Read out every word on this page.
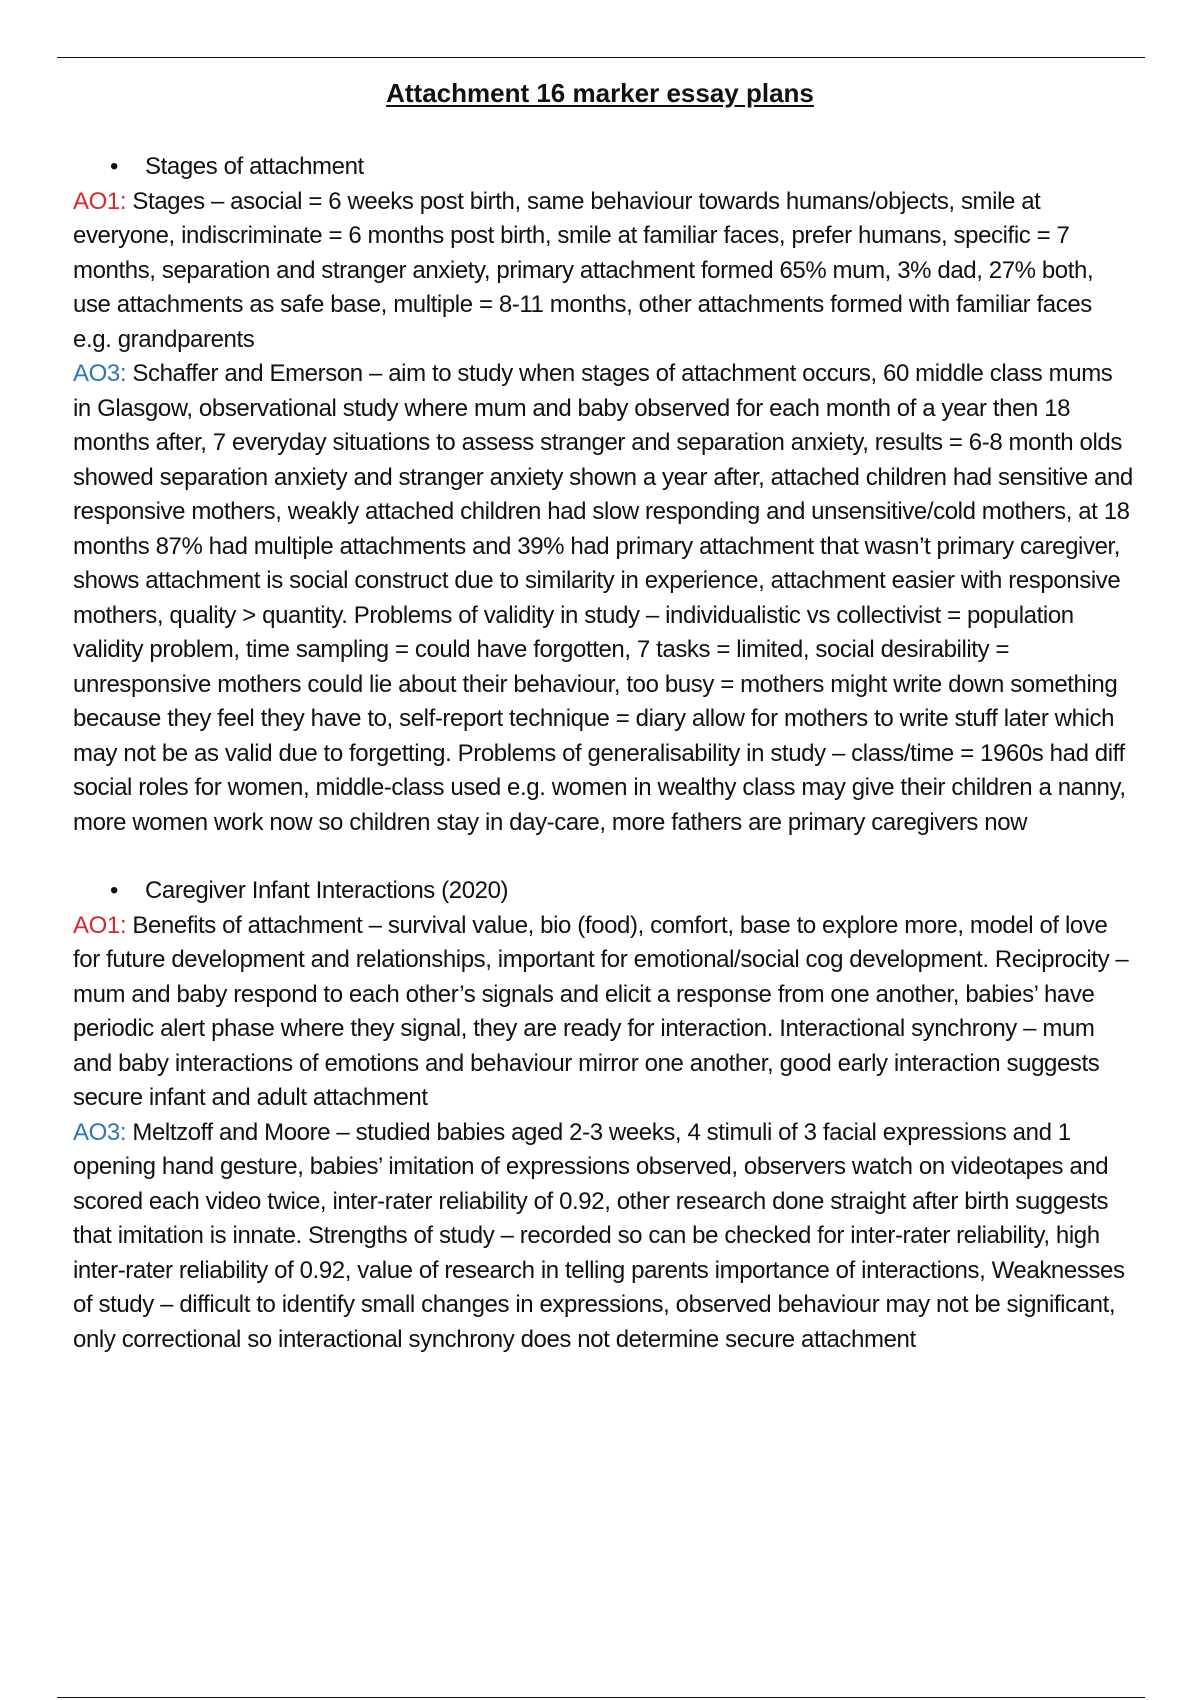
Attachment 16 marker essay plans

•	Stages of attachment

AO1: Stages – asocial = 6 weeks post birth, same behaviour towards humans/objects, smile at everyone, indiscriminate = 6 months post birth, smile at familiar faces, prefer humans, specific = 7 months, separation and stranger anxiety, primary attachment formed 65% mum, 3% dad, 27% both, use attachments as safe base, multiple = 8-11 months, other attachments formed with familiar faces e.g. grandparents

AO3: Schaffer and Emerson – aim to study when stages of attachment occurs, 60 middle class mums in Glasgow, observational study where mum and baby observed for each month of a year then 18 months after, 7 everyday situations to assess stranger and separation anxiety, results = 6-8 month olds showed separation anxiety and stranger anxiety shown a year after, attached children had sensitive and responsive mothers, weakly attached children had slow responding and unsensitive/cold mothers, at 18 months 87% had multiple attachments and 39% had primary attachment that wasn’t primary caregiver, shows attachment is social construct due to similarity in experience, attachment easier with responsive mothers, quality > quantity. Problems of validity in study – individualistic vs collectivist = population validity problem, time sampling = could have forgotten, 7 tasks = limited, social desirability = unresponsive mothers could lie about their behaviour, too busy = mothers might write down something because they feel they have to, self-report technique = diary allow for mothers to write stuff later which may not be as valid due to forgetting. Problems of generalisability in study – class/time = 1960s had diff social roles for women, middle-class used e.g. women in wealthy class may give their children a nanny, more women work now so children stay in day-care, more fathers are primary caregivers now

•	Caregiver Infant Interactions (2020)

AO1: Benefits of attachment – survival value, bio (food), comfort, base to explore more, model of love for future development and relationships, important for emotional/social cog development. Reciprocity – mum and baby respond to each other’s signals and elicit a response from one another, babies’ have periodic alert phase where they signal, they are ready for interaction. Interactional synchrony – mum and baby interactions of emotions and behaviour mirror one another, good early interaction suggests secure infant and adult attachment

AO3: Meltzoff and Moore – studied babies aged 2-3 weeks, 4 stimuli of 3 facial expressions and 1 opening hand gesture, babies’ imitation of expressions observed, observers watch on videotapes and scored each video twice, inter-rater reliability of 0.92, other research done straight after birth suggests that imitation is innate. Strengths of study – recorded so can be checked for inter-rater reliability, high inter-rater reliability of 0.92, value of research in telling parents importance of interactions, Weaknesses of study – difficult to identify small changes in expressions, observed behaviour may not be significant, only correctional so interactional synchrony does not determine secure attachment
